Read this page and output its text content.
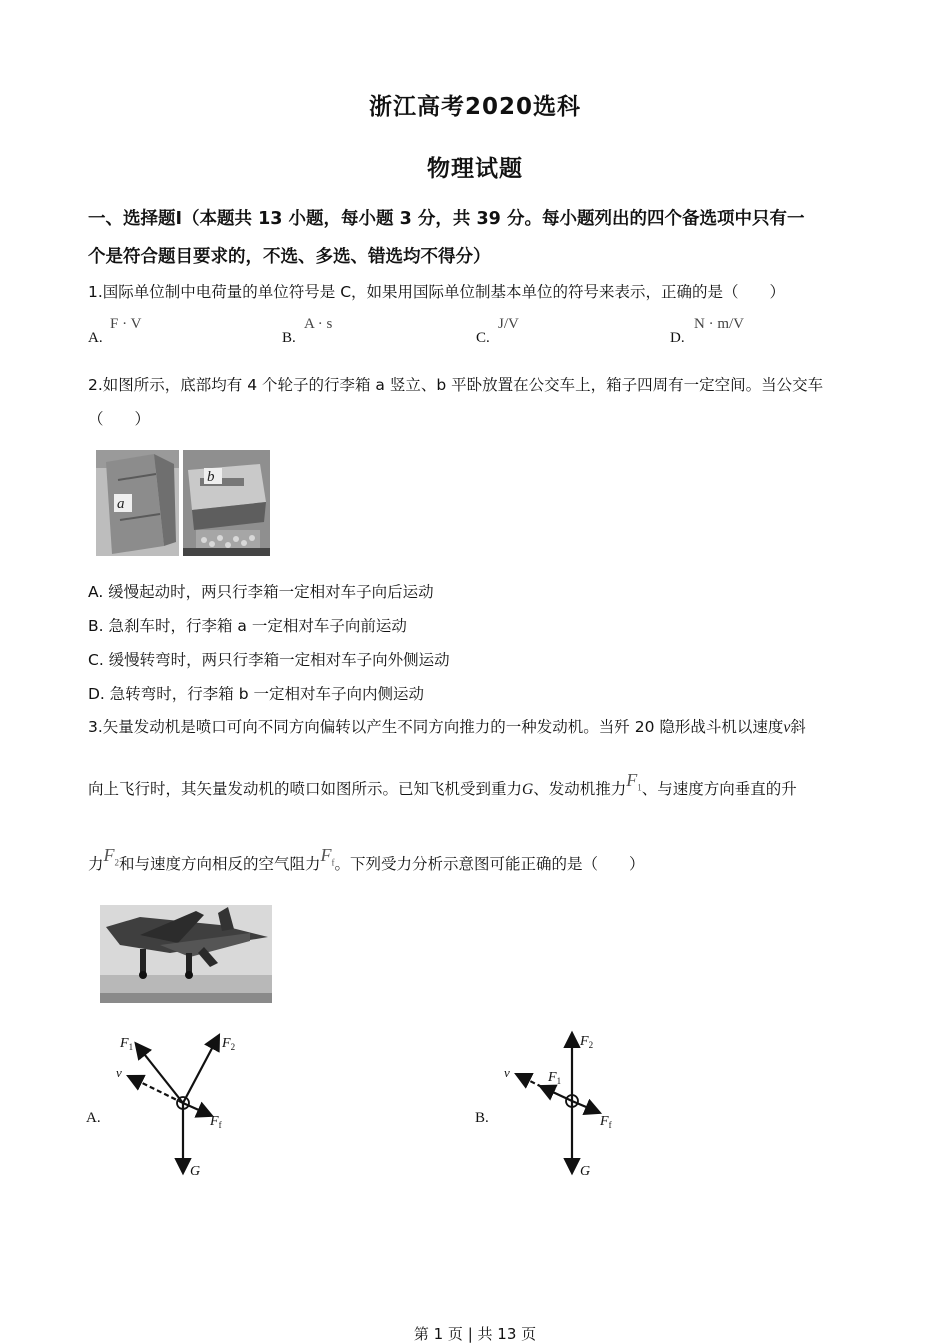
浙江高考2020选科
物理试题
一、选择题Ⅰ（本题共 13 小题，每小题 3 分，共 39 分。每小题列出的四个备选项中只有一
个是符合题目要求的，不选、多选、错选均不得分）
1.国际单位制中电荷量的单位符号是 C，如果用国际单位制基本单位的符号来表示，正确的是（　　）
A.
F · V
B.
A · s
C.
J/V
D.
N · m/V
2.如图所示，底部均有 4 个轮子的行李箱 a 竖立、b 平卧放置在公交车上，箱子四周有一定空间。当公交车
（　　）
a
b
A. 缓慢起动时，两只行李箱一定相对车子向后运动
B. 急刹车时，行李箱 a 一定相对车子向前运动
C. 缓慢转弯时，两只行李箱一定相对车子向外侧运动
D. 急转弯时，行李箱 b 一定相对车子向内侧运动
3.矢量发动机是喷口可向不同方向偏转以产生不同方向推力的一种发动机。当歼 20 隐形战斗机以速度v斜
向上飞行时，其矢量发动机的喷口如图所示。已知飞机受到重力G、发动机推力$F_1$、与速度方向垂直的升
力$F_2$和与速度方向相反的空气阻力$F_f$。下列受力分析示意图可能正确的是（　　）
A.
$F_1$	$F_2$
v
$F_f$
G
B.
$F_2$
$F_1$
v
$F_f$
G
第 1 页 | 共 13 页
